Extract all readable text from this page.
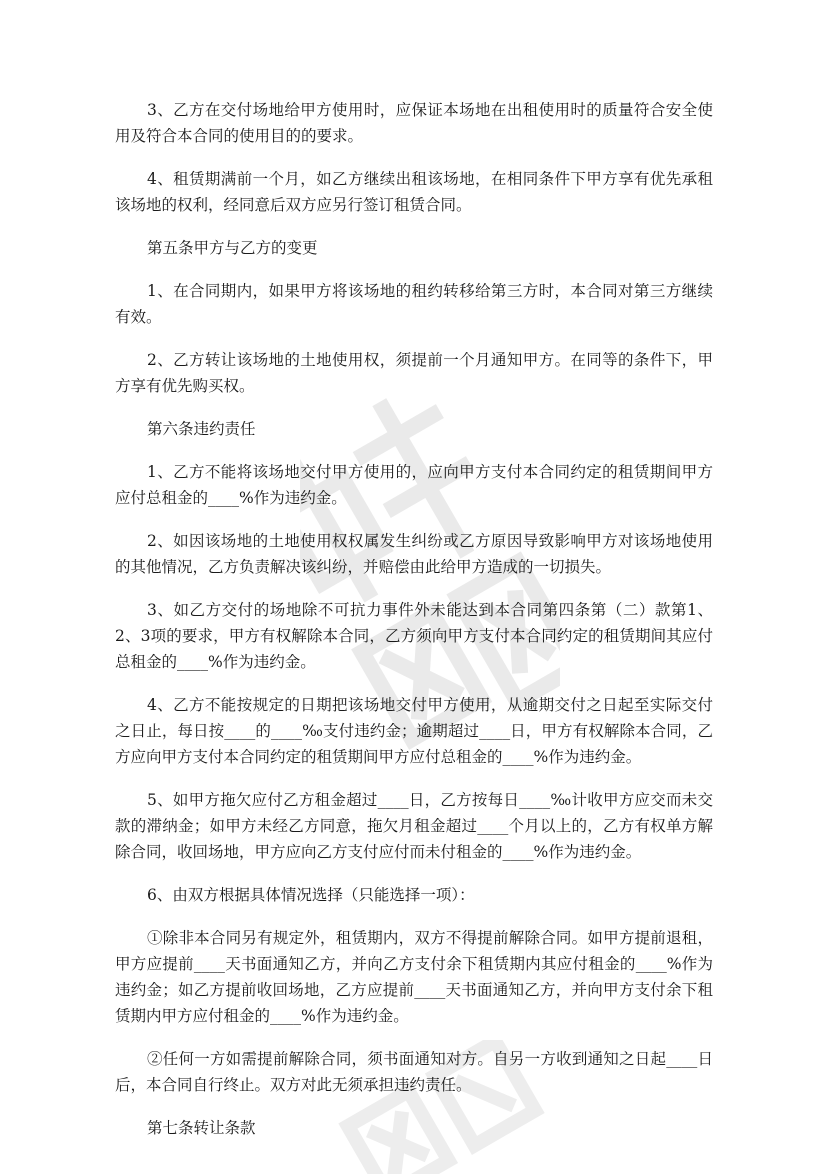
3、乙方在交付场地给甲方使用时，应保证本场地在出租使用时的质量符合安全使用及符合本合同的使用目的的要求。

4、租赁期满前一个月，如乙方继续出租该场地，在相同条件下甲方享有优先承租该场地的权利，经同意后双方应另行签订租赁合同。

第五条甲方与乙方的变更

1、在合同期内，如果甲方将该场地的租约转移给第三方时，本合同对第三方继续有效。

2、乙方转让该场地的土地使用权，须提前一个月通知甲方。在同等的条件下，甲方享有优先购买权。

第六条违约责任

1、乙方不能将该场地交付甲方使用的，应向甲方支付本合同约定的租赁期间甲方应付总租金的____%作为违约金。

2、如因该场地的土地使用权权属发生纠纷或乙方原因导致影响甲方对该场地使用的其他情况，乙方负责解决该纠纷，并赔偿由此给甲方造成的一切损失。

3、如乙方交付的场地除不可抗力事件外未能达到本合同第四条第（二）款第1、2、3项的要求，甲方有权解除本合同，乙方须向甲方支付本合同约定的租赁期间其应付总租金的____%作为违约金。

4、乙方不能按规定的日期把该场地交付甲方使用，从逾期交付之日起至实际交付之日止，每日按____的____‰支付违约金；逾期超过____日，甲方有权解除本合同，乙方应向甲方支付本合同约定的租赁期间甲方应付总租金的____%作为违约金。

5、如甲方拖欠应付乙方租金超过____日，乙方按每日____‰计收甲方应交而未交款的滞纳金；如甲方未经乙方同意，拖欠月租金超过____个月以上的，乙方有权单方解除合同，收回场地，甲方应向乙方支付应付而未付租金的____%作为违约金。

6、由双方根据具体情况选择（只能选择一项）：

①除非本合同另有规定外，租赁期内，双方不得提前解除合同。如甲方提前退租，甲方应提前____天书面通知乙方，并向乙方支付余下租赁期内其应付租金的____%作为违约金；如乙方提前收回场地，乙方应提前____天书面通知乙方，并向甲方支付余下租赁期内甲方应付租金的____%作为违约金。

②任何一方如需提前解除合同，须书面通知对方。自另一方收到通知之日起____日后，本合同自行终止。双方对此无须承担违约责任。

第七条转让条款
